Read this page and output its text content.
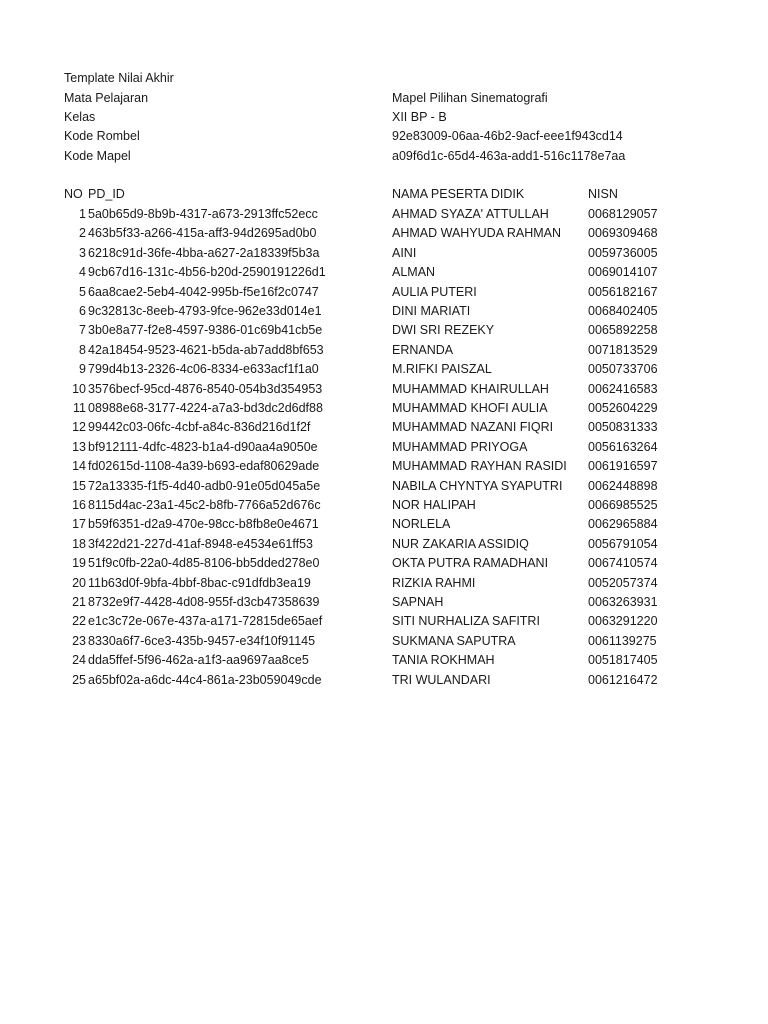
Template Nilai Akhir
Mata Pelajaran	Mapel Pilihan Sinematografi
Kelas	XII BP - B
Kode Rombel	92e83009-06aa-46b2-9acf-eee1f943cd14
Kode Mapel	a09f6d1c-65d4-463a-add1-516c1178e7aa
NO PD_ID	NAMA PESERTA DIDIK	NISN
1 5a0b65d9-8b9b-4317-a673-2913ffc52ecc	AHMAD SYAZA' ATTULLAH	0068129057
2 463b5f33-a266-415a-aff3-94d2695ad0b0	AHMAD WAHYUDA RAHMAN 0069309468
3 6218c91d-36fe-4bba-a627-2a18339f5b3a	AINI	0059736005
4 9cb67d16-131c-4b56-b20d-2590191226d1	ALMAN	0069014107
5 6aa8cae2-5eb4-4042-995b-f5e16f2c0747	AULIA PUTERI	0056182167
6 9c32813c-8eeb-4793-9fce-962e33d014e1	DINI MARIATI	0068402405
7 3b0e8a77-f2e8-4597-9386-01c69b41cb5e	DWI SRI REZEKY	0065892258
8 42a18454-9523-4621-b5da-ab7add8bf653	ERNANDA	0071813529
9 799d4b13-2326-4c06-8334-e633acf1f1a0	M.RIFKI PAISZAL	0050733706
10 3576becf-95cd-4876-8540-054b3d354953	MUHAMMAD KHAIRULLAH	0062416583
11 08988e68-3177-4224-a7a3-bd3dc2d6df88	MUHAMMAD KHOFI AULIA	0052604229
12 99442c03-06fc-4cbf-a84c-836d216d1f2f	MUHAMMAD NAZANI FIQRI	0050831333
13 bf912111-4dfc-4823-b1a4-d90aa4a9050e	MUHAMMAD PRIYOGA	0056163264
14 fd02615d-1108-4a39-b693-edaf80629ade	MUHAMMAD RAYHAN RASIDI 0061916597
15 72a13335-f1f5-4d40-adb0-91e05d045a5e	NABILA CHYNTYA SYAPUTRI 0062448898
16 8115d4ac-23a1-45c2-b8fb-7766a52d676c	NOR HALIPAH	0066985525
17 b59f6351-d2a9-470e-98cc-b8fb8e0e4671	NORLELA	0062965884
18 3f422d21-227d-41af-8948-e4534e61ff53	NUR ZAKARIA ASSIDIQ	0056791054
19 51f9c0fb-22a0-4d85-8106-bb5dded278e0	OKTA PUTRA RAMADHANI	0067410574
20 11b63d0f-9bfa-4bbf-8bac-c91dfdb3ea19	RIZKIA RAHMI	0052057374
21 8732e9f7-4428-4d08-955f-d3cb47358639	SAPNAH	0063263931
22 e1c3c72e-067e-437a-a171-72815de65aef	SITI NURHALIZA SAFITRI	0063291220
23 8330a6f7-6ce3-435b-9457-e34f10f91145	SUKMANA SAPUTRA	0061139275
24 dda5ffef-5f96-462a-a1f3-aa9697aa8ce5	TANIA ROKHMAH	0051817405
25 a65bf02a-a6dc-44c4-861a-23b059049cde	TRI WULANDARI	0061216472
